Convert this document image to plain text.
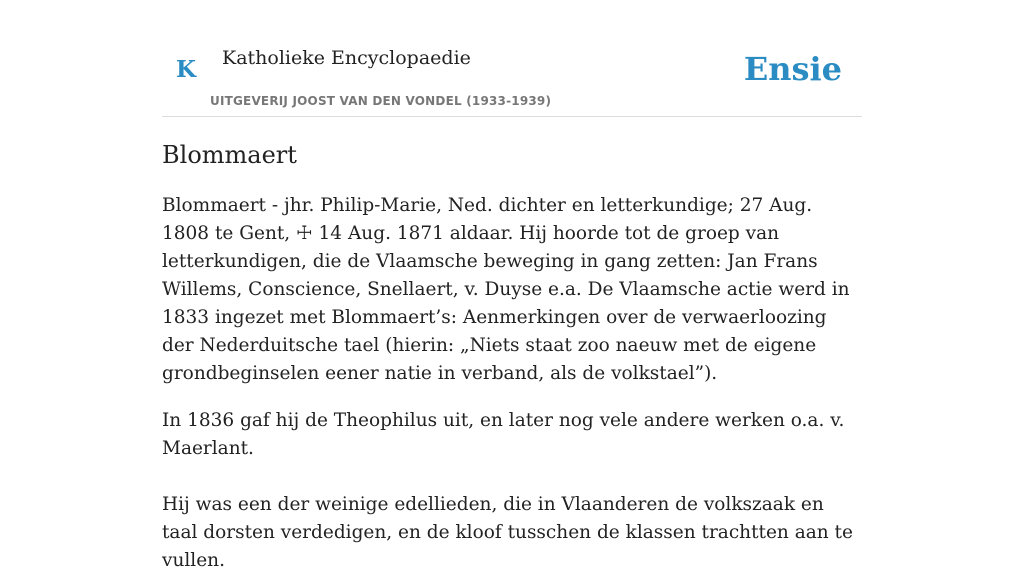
K Katholieke Encyclopaedie
UITGEVERIJ JOOST VAN DEN VONDEL (1933-1939)
Ensie
Blommaert

Blommaert - jhr. Philip-Marie, Ned. dichter en letterkundige; 27 Aug. 1808 te Gent, ☩ 14 Aug. 1871 aldaar. Hij hoorde tot de groep van letterkundigen, die de Vlaamsche beweging in gang zetten: Jan Frans Willems, Conscience, Snellaert, v. Duyse e.a. De Vlaamsche actie werd in 1833 ingezet met Blommaert’s: Aenmerkingen over de verwaerloozing der Nederduitsche tael (hierin: „Niets staat zoo naeuw met de eigene grondbeginselen eener natie in verband, als de volkstael”).

In 1836 gaf hij de Theophilus uit, en later nog vele andere werken o.a. v. Maerlant.

Hij was een der weinige edellieden, die in Vlaanderen de volkszaak en taal dorsten verdedigen, en de kloof tusschen de klassen trachtten aan te vullen.
